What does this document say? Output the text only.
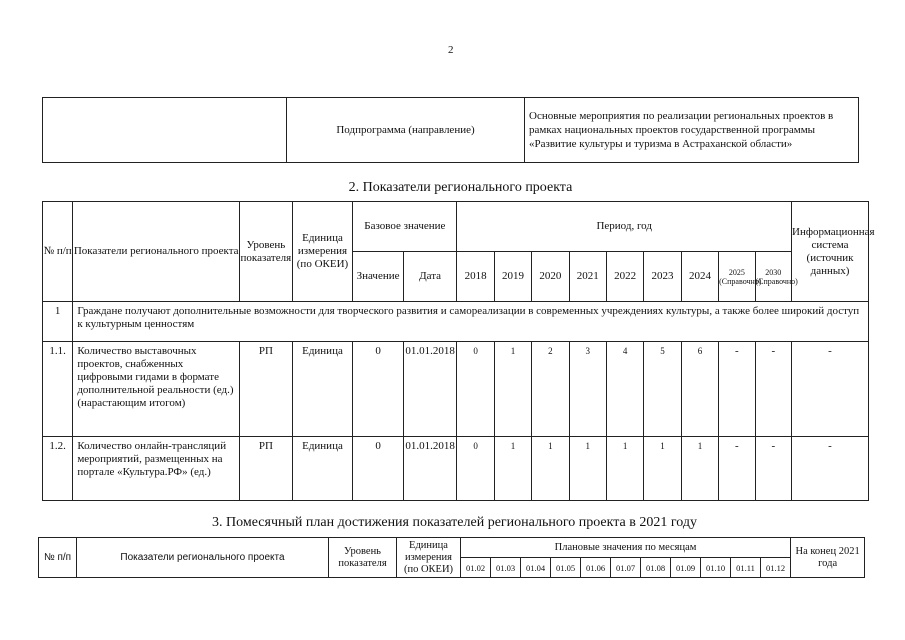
2
	Подпрограмма (направление)	Основные мероприятия по реализации региональных проектов в рамках национальных проектов государственной программы «Развитие культуры и туризма в Астраханской области»
2. Показатели регионального проекта
№ п/п	Показатели регионального проекта	Уровень показателя	Единица измерения (по ОКЕИ)	Базовое значение		Период, год									Информационная система (источник данных)
				Значение	Дата	2018	2019	2020	2021	2022	2023	2024	2025 (Справочно)	2030 (Справочно)	
1	Граждане получают дополнительные возможности для творческого развития и самореализации в современных учреждениях культуры, а также более широкий доступ к культурным ценностям														
1.1.	Количество выставочных проектов, снабженных цифровыми гидами в формате дополнительной реальности (ед.) (нарастающим итогом)	РП	Единица	0	01.01.2018	0	1	2	3	4	5	6	-	-	-
1.2.	Количество онлайн-трансляций мероприятий, размещенных на портале «Культура.РФ» (ед.)	РП	Единица	0	01.01.2018	0	1	1	1	1	1	1	-	-	-
3. Помесячный план достижения показателей регионального проекта в 2021 году
№ п/п	Показатели регионального проекта	Уровень показателя	Единица измерения (по ОКЕИ)	Плановые значения по месяцам											На конец 2021 года
				01.02	01.03	01.04	01.05	01.06	01.07	01.08	01.09	01.10	01.11	01.12	
